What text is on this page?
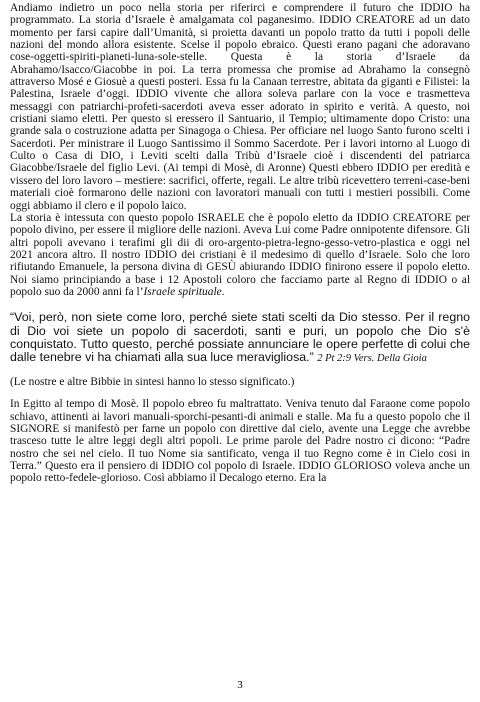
Andiamo indietro un poco nella storia per riferirci e comprendere il futuro che IDDIO ha programmato. La storia d’Israele è amalgamata col paganesimo. IDDIO CREATORE ad un dato momento per farsi capire dall’Umanità, si proietta davanti un popolo tratto da tutti i popoli delle nazioni del mondo allora esistente. Scelse il popolo ebraico. Questi erano pagani che adoravano cose-oggetti-spiriti-pianeti-luna-sole-stelle. Questa è la storia d’Israele da Abrahamo/Isacco/Giacobbe in poi. La terra promessa che promise ad Abrahamo la consegnò attraverso Mosé e Giosuè a questi posteri. Essa fu la Canaan terrestre, abitata da giganti e Filistei: la Palestina, Israele d’oggi. IDDIO vivente che allora soleva parlare con la voce e trasmetteva messaggi con patriarchi-profeti-sacerdoti aveva esser adorato in spirito e verità. A questo, noi cristiani siamo eletti. Per questo si eressero il Santuario, il Tempio; ultimamente dopo Cristo: una grande sala o costruzione adatta per Sinagoga o Chiesa. Per officiare nel luogo Santo furono scelti i Sacerdoti. Per ministrare il Luogo Santissimo il Sommo Sacerdote. Per i lavori intorno al Luogo di Culto o Casa di DIO, i Leviti scelti dalla Tribù d’Israele cioè i discendenti del patriarca Giacobbe/Israele del figlio Levi. (Ai tempi di Mosè, di Aronne) Questi ebbero IDDIO per eredità e vissero del loro lavoro – mestiere: sacrifici, offerte, regali. Le altre tribù ricevettero terreni-case-beni materiali cioè formarono delle nazioni con lavoratori manuali con tutti i mestieri possibili. Come oggi abbiamo il clero e il popolo laico.

La storia è intessuta con questo popolo ISRAELE che è popolo eletto da IDDIO CREATORE per popolo divino, per essere il migliore delle nazioni. Aveva Lui come Padre onnipotente difensore. Gli altri popoli avevano i terafimi gli dii di oro-argento-pietra-legno-gesso-vetro-plastica e oggi nel 2021 ancora altro. Il nostro IDDIO dei cristiani è il medesimo di quello d’Israele. Solo che loro rifiutando Emanuele, la persona divina di GESÙ abiurando IDDIO finirono essere il popolo eletto. Noi siamo principiando a base i 12 Apostoli coloro che facciamo parte al Regno di IDDIO o al popolo suo da 2000 anni fa l’Israele spirituale.

“Voi, però, non siete come loro, perché siete stati scelti da Dio stesso. Per il regno di Dio voi siete un popolo di sacerdoti, santi e puri, un popolo che Dio s'è conquistato. Tutto questo, perché possiate annunciare le opere perfette di colui che dalle tenebre vi ha chiamati alla sua luce meravigliosa.” 2 Pt 2:9 Vers. Della Gioia

(Le nostre e altre Bibbie in sintesi hanno lo stesso significato.)

In Egitto al tempo di Mosè. Il popolo ebreo fu maltrattato. Veniva tenuto dal Faraone come popolo schiavo, attinenti ai lavori manuali-sporchi-pesanti-di animali e stalle. Ma fu a questo popolo che il SIGNORE si manifestò per farne un popolo con direttive dal cielo, avente una Legge che avrebbe trasceso tutte le altre leggi degli altri popoli. Le prime parole del Padre nostro ci dicono: “Padre nostro che sei nel cielo. Il tuo Nome sia santificato, venga il tuo Regno come è in Cielo cosi in Terra.” Questo era il pensiero di IDDIO col popolo di Israele. IDDIO GLORIOSO voleva anche un popolo retto-fedele-glorioso. Così abbiamo il Decalogo eterno. Era la

3
